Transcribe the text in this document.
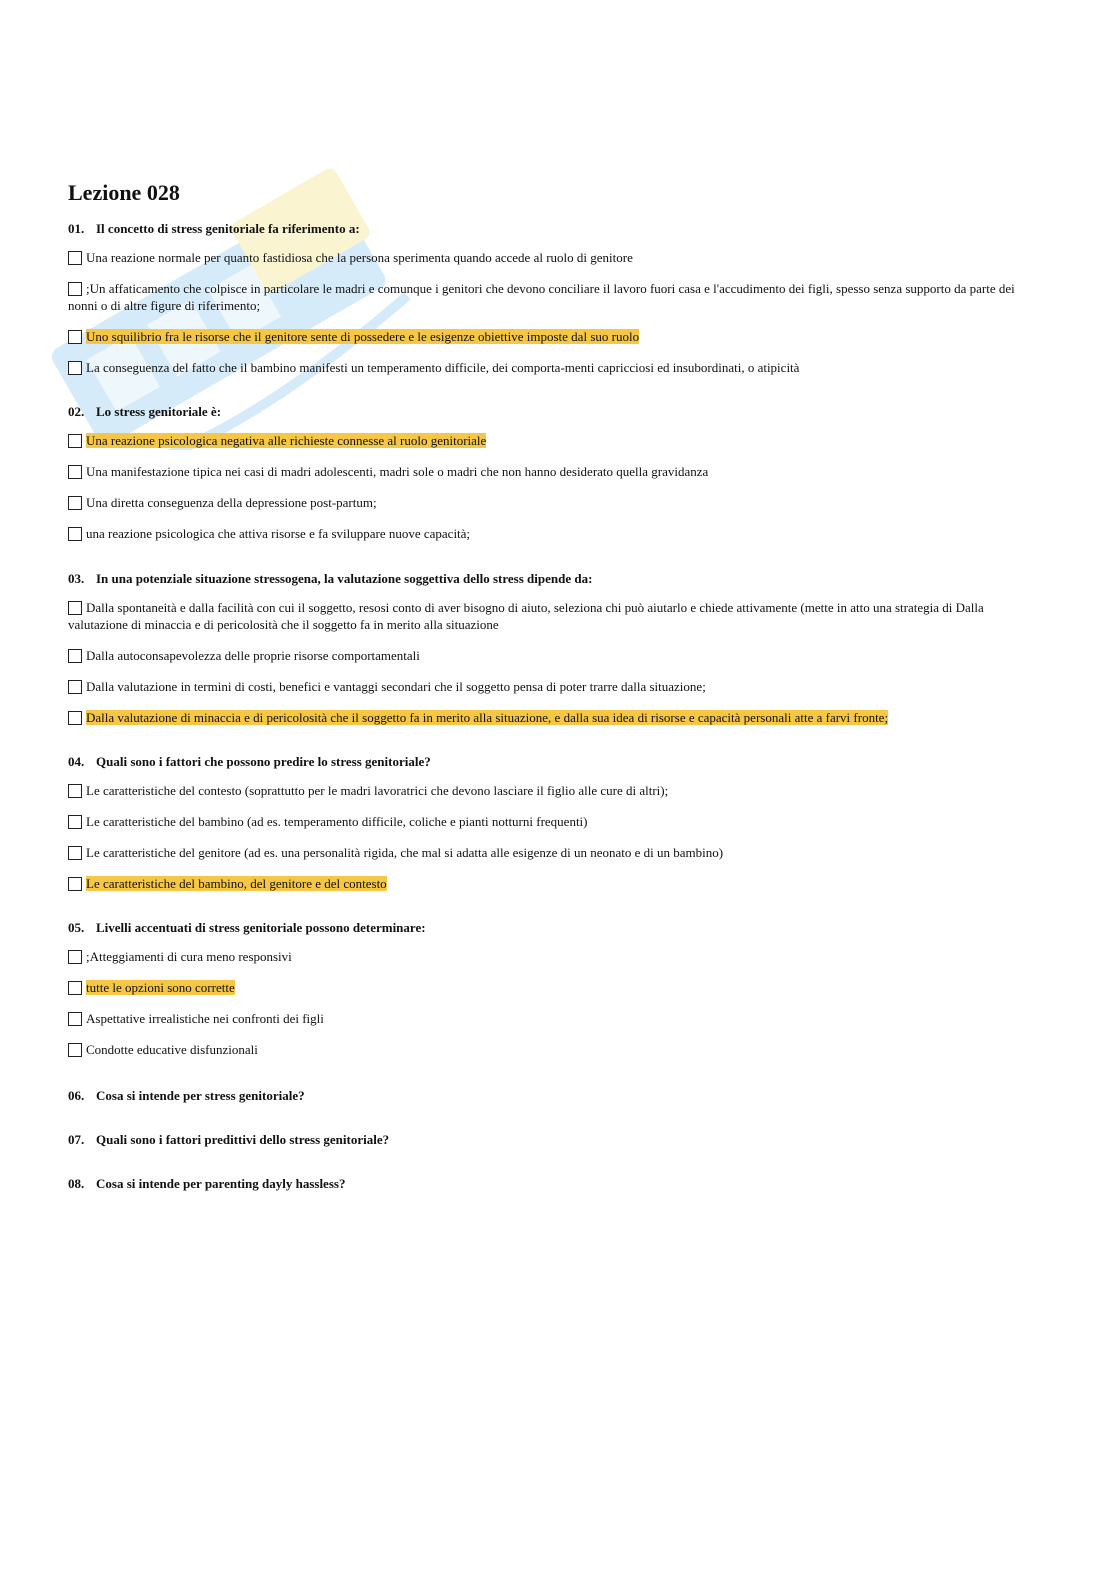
Lezione 028
01. Il concetto di stress genitoriale fa riferimento a:
Una reazione normale per quanto fastidiosa che la persona sperimenta quando accede al ruolo di genitore
;Un affaticamento che colpisce in particolare le madri e comunque i genitori che devono conciliare il lavoro fuori casa e l'accudimento dei figli, spesso senza supporto da parte dei nonni o di altre figure di riferimento;
Uno squilibrio fra le risorse che il genitore sente di possedere e le esigenze obiettive imposte dal suo ruolo
La conseguenza del fatto che il bambino manifesti un temperamento difficile, dei comporta-menti capricciosi ed insubordinati, o atipicità
02. Lo stress genitoriale è:
Una reazione psicologica negativa alle richieste connesse al ruolo genitoriale
Una manifestazione tipica nei casi di madri adolescenti, madri sole o madri che non hanno desiderato quella gravidanza
Una diretta conseguenza della depressione post-partum;
una reazione psicologica che attiva risorse e fa sviluppare nuove capacità;
03. In una potenziale situazione stressogena, la valutazione soggettiva dello stress dipende da:
Dalla spontaneità e dalla facilità con cui il soggetto, resosi conto di aver bisogno di aiuto, seleziona chi può aiutarlo e chiede attivamente (mette in atto una strategia di Dalla valutazione di minaccia e di pericolosità che il soggetto fa in merito alla situazione
Dalla autoconsapevolezza delle proprie risorse comportamentali
Dalla valutazione in termini di costi, benefici e vantaggi secondari che il soggetto pensa di poter trarre dalla situazione;
Dalla valutazione di minaccia e di pericolosità che il soggetto fa in merito alla situazione, e dalla sua idea di risorse e capacità personali atte a farvi fronte;
04. Quali sono i fattori che possono predire lo stress genitoriale?
Le caratteristiche del contesto (soprattutto per le madri lavoratrici che devono lasciare il figlio alle cure di altri);
Le caratteristiche del bambino (ad es. temperamento difficile, coliche e pianti notturni frequenti)
Le caratteristiche del genitore (ad es. una personalità rigida, che mal si adatta alle esigenze di un neonato e di un bambino)
Le caratteristiche del bambino, del genitore e del contesto
05. Livelli accentuati di stress genitoriale possono determinare:
;Atteggiamenti di cura meno responsivi
tutte le opzioni sono corrette
Aspettative irrealistiche nei confronti dei figli
Condotte educative disfunzionali
06. Cosa si intende per stress genitoriale?
07. Quali sono i fattori predittivi dello stress genitoriale?
08. Cosa si intende per parenting dayly hassless?
